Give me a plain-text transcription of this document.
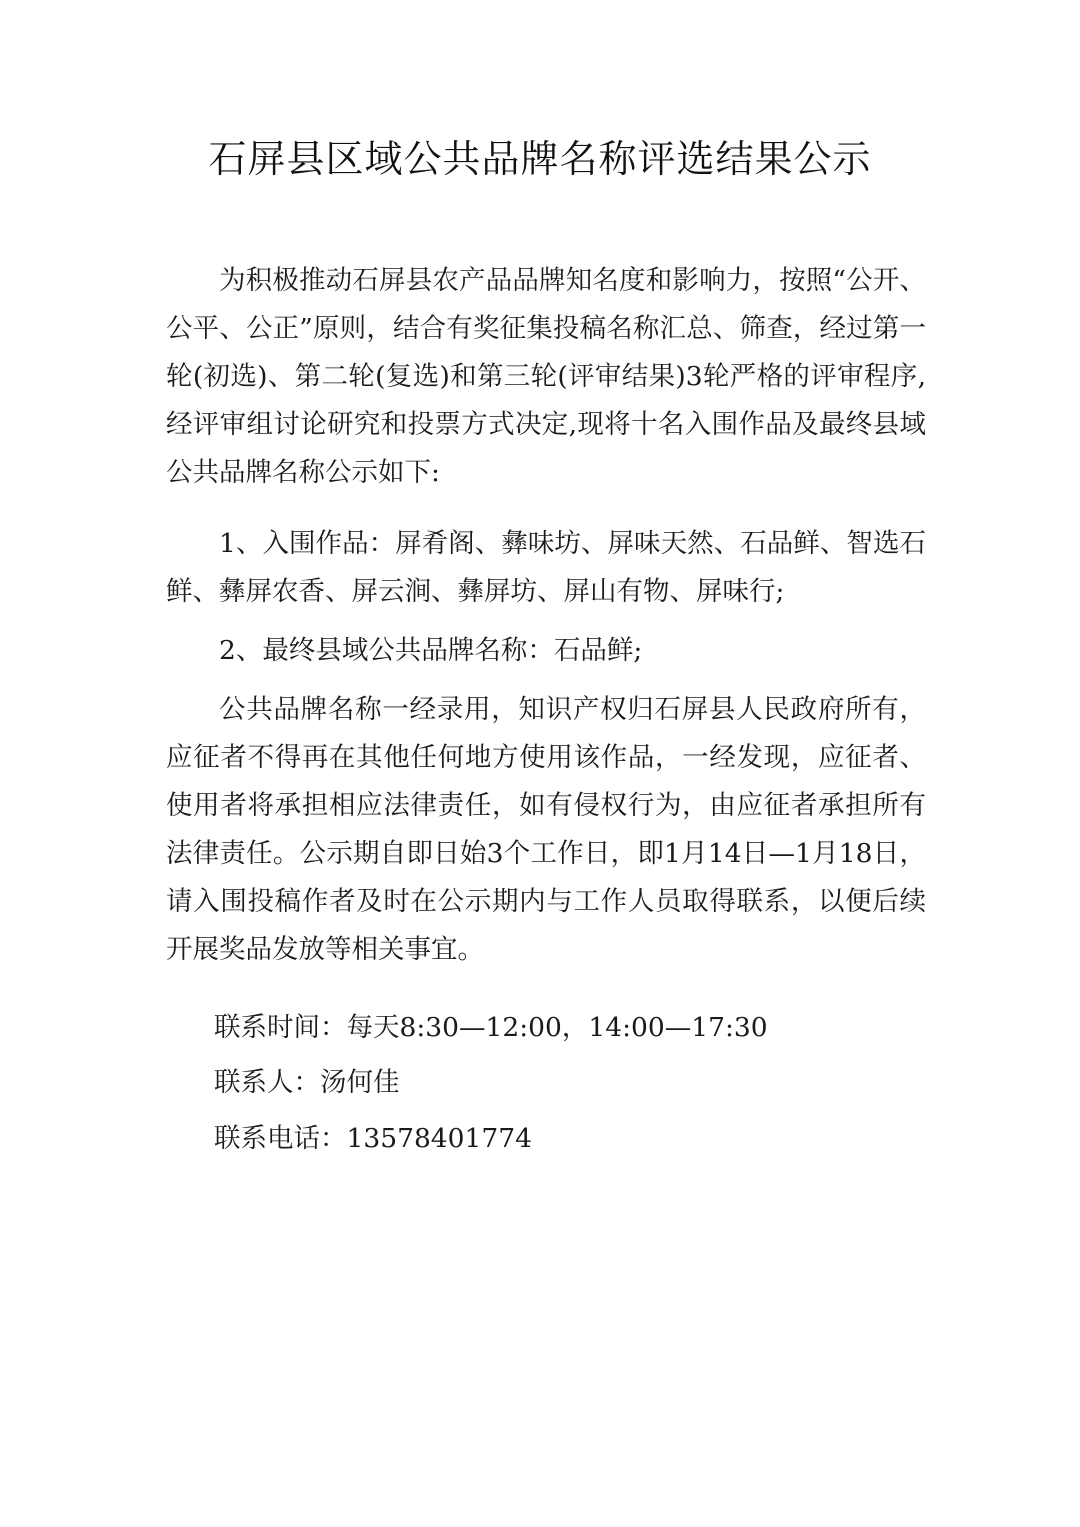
石屏县区域公共品牌名称评选结果公示

为积极推动石屏县农产品品牌知名度和影响力，按照“公开、公平、公正”原则，结合有奖征集投稿名称汇总、筛查，经过第一轮(初选)、第二轮(复选)和第三轮(评审结果)3轮严格的评审程序,经评审组讨论研究和投票方式决定,现将十名入围作品及最终县域公共品牌名称公示如下:

1、入围作品：屏肴阁、彝味坊、屏味天然、石品鲜、智选石鲜、彝屏农香、屏云涧、彝屏坊、屏山有物、屏味行;

2、最终县域公共品牌名称：石品鲜;

公共品牌名称一经录用，知识产权归石屏县人民政府所有，应征者不得再在其他任何地方使用该作品，一经发现，应征者、使用者将承担相应法律责任，如有侵权行为，由应征者承担所有法律责任。公示期自即日始3个工作日，即1月14日—1月18日，请入围投稿作者及时在公示期内与工作人员取得联系，以便后续开展奖品发放等相关事宜。

联系时间：每天8:30—12:00，14:00—17:30
联系人：汤何佳
联系电话：13578401774
